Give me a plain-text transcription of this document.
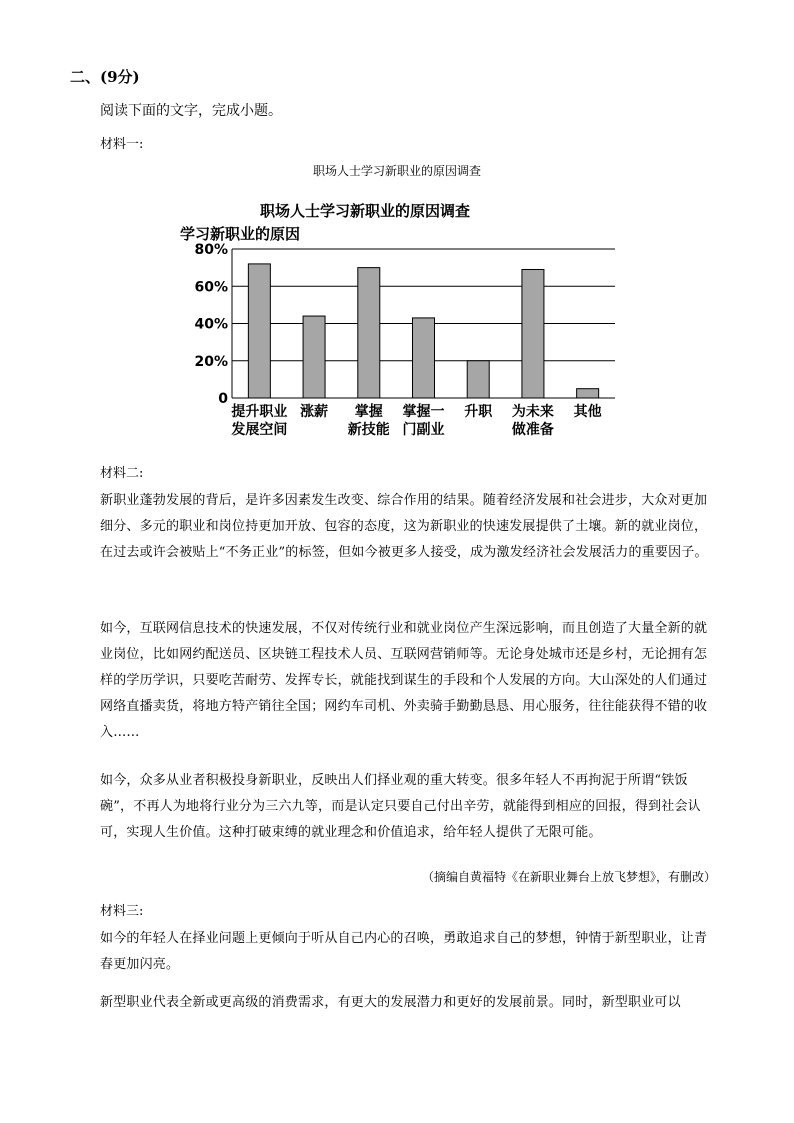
二、(9分)
阅读下面的文字，完成小题。
材料一:
职场人士学习新职业的原因调查
职场人士学习新职业的原因调查
学习新职业的原因
0
20%
40%
60%
80%
提升职业
发展空间
涨薪 掌握
新技能
掌握一
门副业
升职 为未来
做准备
其他
材料二:

新职业蓬勃发展的背后，是许多因素发生改变、综合作用的结果。随着经济发展和社会进步，大众对更加细分、多元的职业和岗位持更加开放、包容的态度，这为新职业的快速发展提供了土壤。新的就业岗位，在过去或许会被贴上“不务正业”的标签，但如今被更多人接受，成为激发经济社会发展活力的重要因子。

如今，互联网信息技术的快速发展，不仅对传统行业和就业岗位产生深远影响，而且创造了大量全新的就业岗位，比如网约配送员、区块链工程技术人员、互联网营销师等。无论身处城市还是乡村，无论拥有怎样的学历学识，只要吃苦耐劳、发挥专长，就能找到谋生的手段和个人发展的方向。大山深处的人们通过网络直播卖货，将地方特产销往全国；网约车司机、外卖骑手勤勤恳恳、用心服务，往往能获得不错的收入……

如今，众多从业者积极投身新职业，反映出人们择业观的重大转变。很多年轻人不再拘泥于所谓“铁饭碗”，不再人为地将行业分为三六九等，而是认定只要自己付出辛劳，就能得到相应的回报，得到社会认可，实现人生价值。这种打破束缚的就业理念和价值追求，给年轻人提供了无限可能。

（摘编自黄福特《在新职业舞台上放飞梦想》，有删改）
材料三:

如今的年轻人在择业问题上更倾向于听从自己内心的召唤，勇敢追求自己的梦想，钟情于新型职业，让青春更加闪亮。

新型职业代表全新或更高级的消费需求，有更大的发展潜力和更好的发展前景。同时，新型职业可以
